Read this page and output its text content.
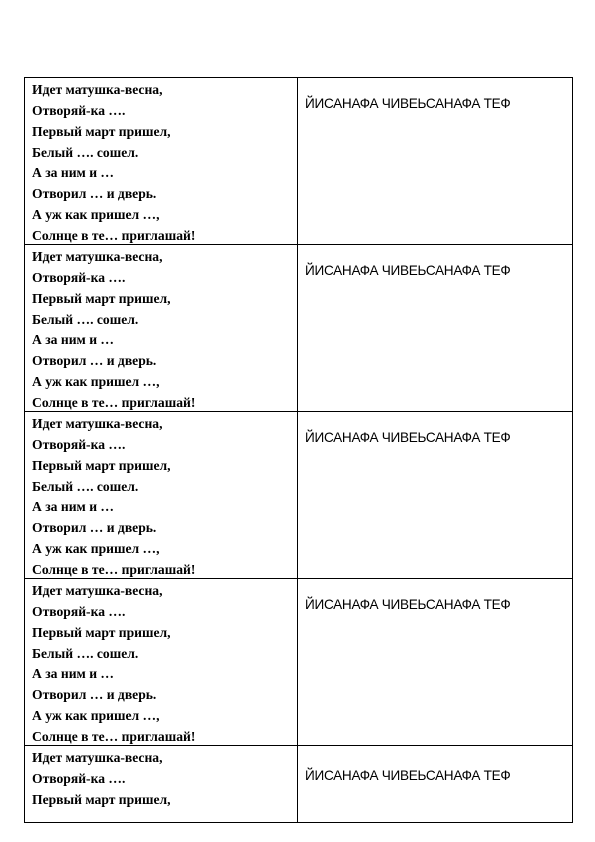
Идет матушка-весна,
Отворяй-ка ….
Первый март пришел,
Белый …. сошел.
А за ним и …
Отворил … и дверь.
А уж как пришел …,
Солнце в те… приглашай!
ЙИСАНАФА ЧИВЕЬСАНАФА ТЕФ
Идет матушка-весна,
Отворяй-ка ….
Первый март пришел,
Белый …. сошел.
А за ним и …
Отворил … и дверь.
А уж как пришел …,
Солнце в те… приглашай!
ЙИСАНАФА ЧИВЕЬСАНАФА ТЕФ
Идет матушка-весна,
Отворяй-ка ….
Первый март пришел,
Белый …. сошел.
А за ним и …
Отворил … и дверь.
А уж как пришел …,
Солнце в те… приглашай!
ЙИСАНАФА ЧИВЕЬСАНАФА ТЕФ
Идет матушка-весна,
Отворяй-ка ….
Первый март пришел,
Белый …. сошел.
А за ним и …
Отворил … и дверь.
А уж как пришел …,
Солнце в те… приглашай!
ЙИСАНАФА ЧИВЕЬСАНАФА ТЕФ
Идет матушка-весна,
Отворяй-ка ….
Первый март пришел,
ЙИСАНАФА ЧИВЕЬСАНАФА ТЕФ
